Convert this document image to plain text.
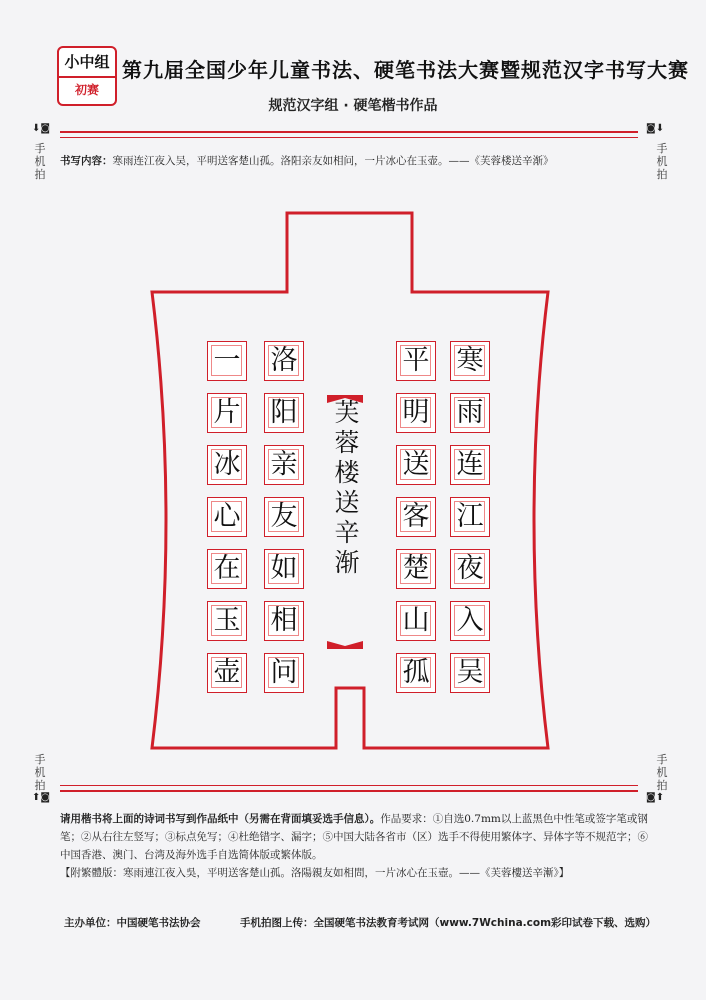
小中组
初赛
第九届全国少年儿童书法、硬笔书法大赛暨规范汉字书写大赛
规范汉字组 · 硬笔楷书作品
⬇◙	◙⬇
⬆◙	◙⬆
手机拍
手机拍
手机拍
手机拍
书写内容：寒雨连江夜入吴，平明送客楚山孤。洛阳亲友如相问，一片冰心在玉壶。——《芙蓉楼送辛渐》
寒
雨
连
江
夜
入
吴
平
明
送
客
楚
山
孤
芙蓉楼送辛渐
洛
阳
亲
友
如
相
问
一
片
冰
心
在
玉
壶
请用楷书将上面的诗词书写到作品纸中（另需在背面填妥选手信息）。作品要求：①自选0.7mm以上蓝黑色中性笔或签字笔或钢笔；②从右往左竖写；③标点免写；④杜绝错字、漏字；⑤中国大陆各省市（区）选手不得使用繁体字、异体字等不规范字；⑥中国香港、澳门、台湾及海外选手自选简体版或繁体版。
【附繁體版：寒雨連江夜入吳，平明送客楚山孤。洛陽親友如相問，一片冰心在玉壺。——《芙蓉樓送辛漸》】
主办单位：中国硬笔书法协会	手机拍图上传：全国硬笔书法教育考试网（www.7Wchina.com彩印试卷下载、选购）
